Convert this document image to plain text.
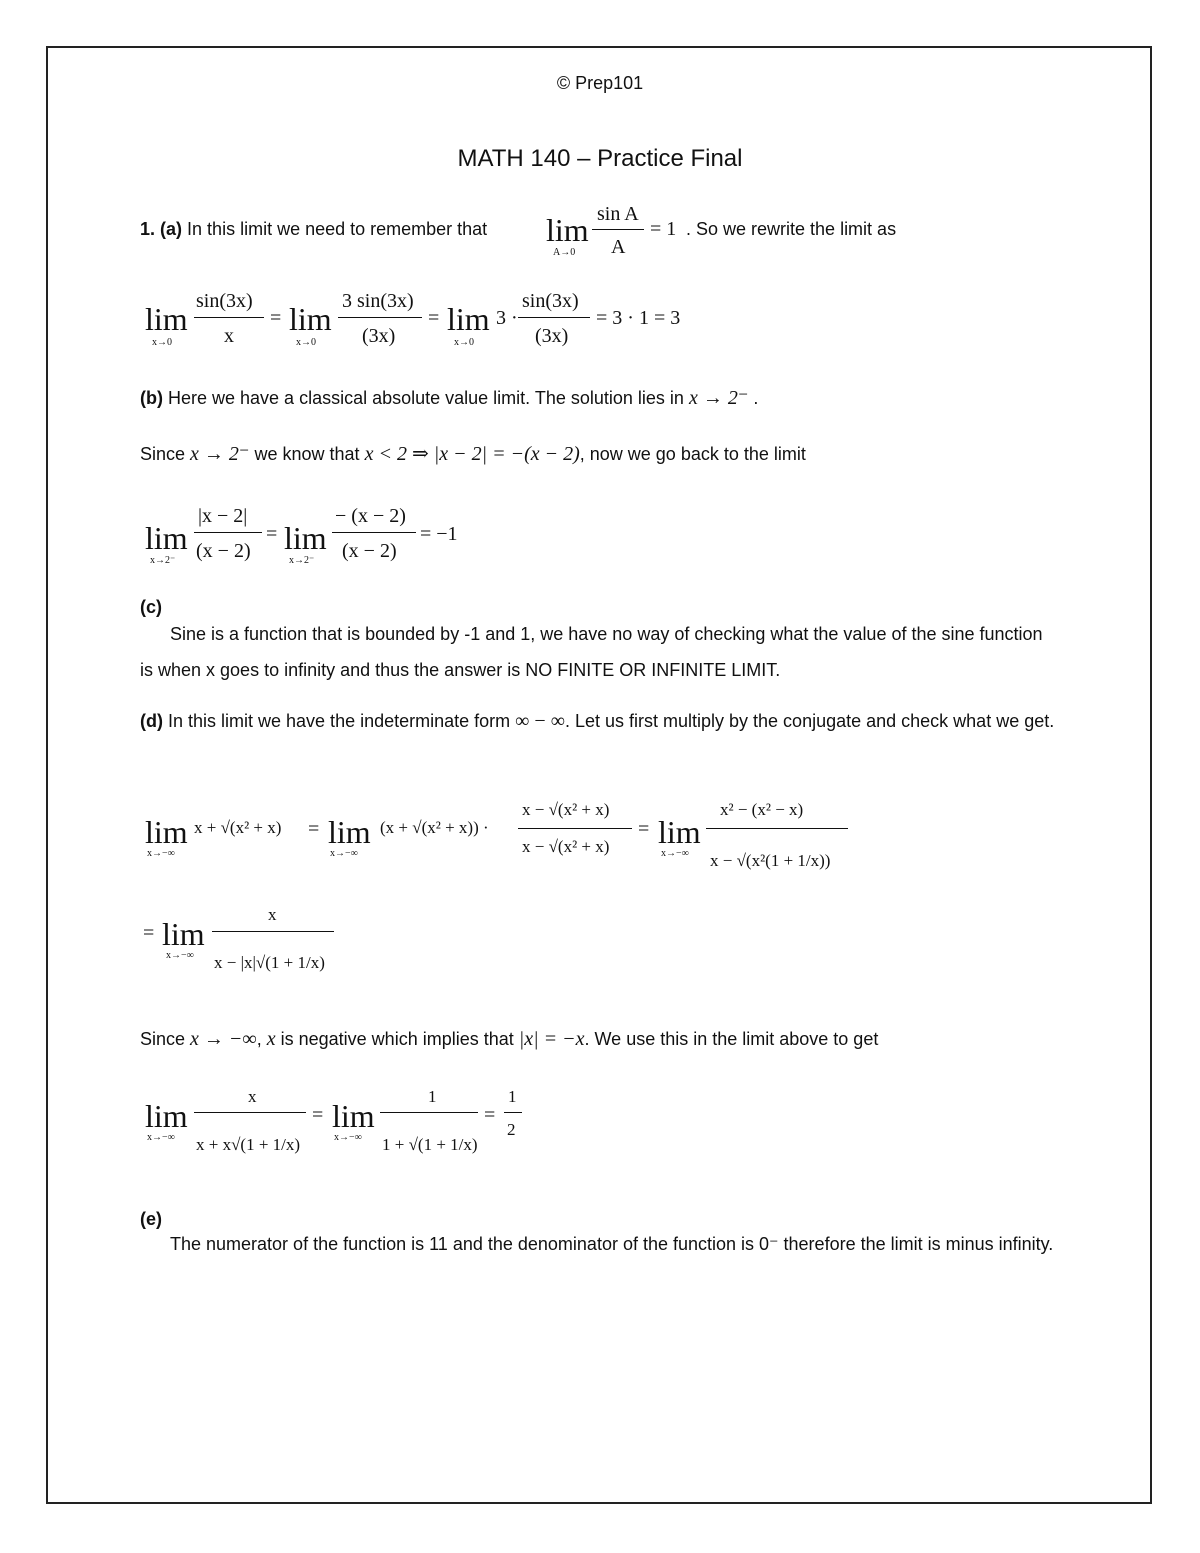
© Prep101
MATH 140 – Practice Final
1. (a) In this limit we need to remember that lim
A→0
sin A
A
= 1 . So we rewrite the limit as
lim
x→0
sin(3x)
x
= lim
x→0
3 sin(3x)
(3x)
= lim
x→0
3 ·
sin(3x)
(3x)
= 3 · 1 = 3
(b) Here we have a classical absolute value limit. The solution lies in x → 2⁻ .
Since x → 2⁻ we know that x < 2 ⇒ |x − 2| = −(x − 2), now we go back to the limit
lim
x→2⁻
|x − 2|
(x − 2)
= lim
x→2⁻
− (x − 2)
(x − 2)
= −1
(c)
Sine is a function that is bounded by -1 and 1, we have no way of checking what the value of the sine function is when x goes to infinity and thus the answer is NO FINITE OR INFINITE LIMIT.
(d) In this limit we have the indeterminate form ∞ − ∞. Let us first multiply by the conjugate and check what we get.
lim
x→−∞
x + √(x² + x) = lim
x→−∞
(x + √(x² + x)) ·
x − √(x² + x)
x − √(x² + x)
= lim
x→−∞
x² − (x² − x)
x − √(x²(1 + 1/x))
= lim
x→−∞
x
x − |x|√(1 + 1/x)
Since x → −∞, x is negative which implies that |x| = −x. We use this in the limit above to get
lim
x→−∞
x
x + x√(1 + 1/x)
= lim
x→−∞
1
1 + √(1 + 1/x)
=
1
2
(e)
The numerator of the function is 11 and the denominator of the function is 0⁻ therefore the limit is minus infinity.
